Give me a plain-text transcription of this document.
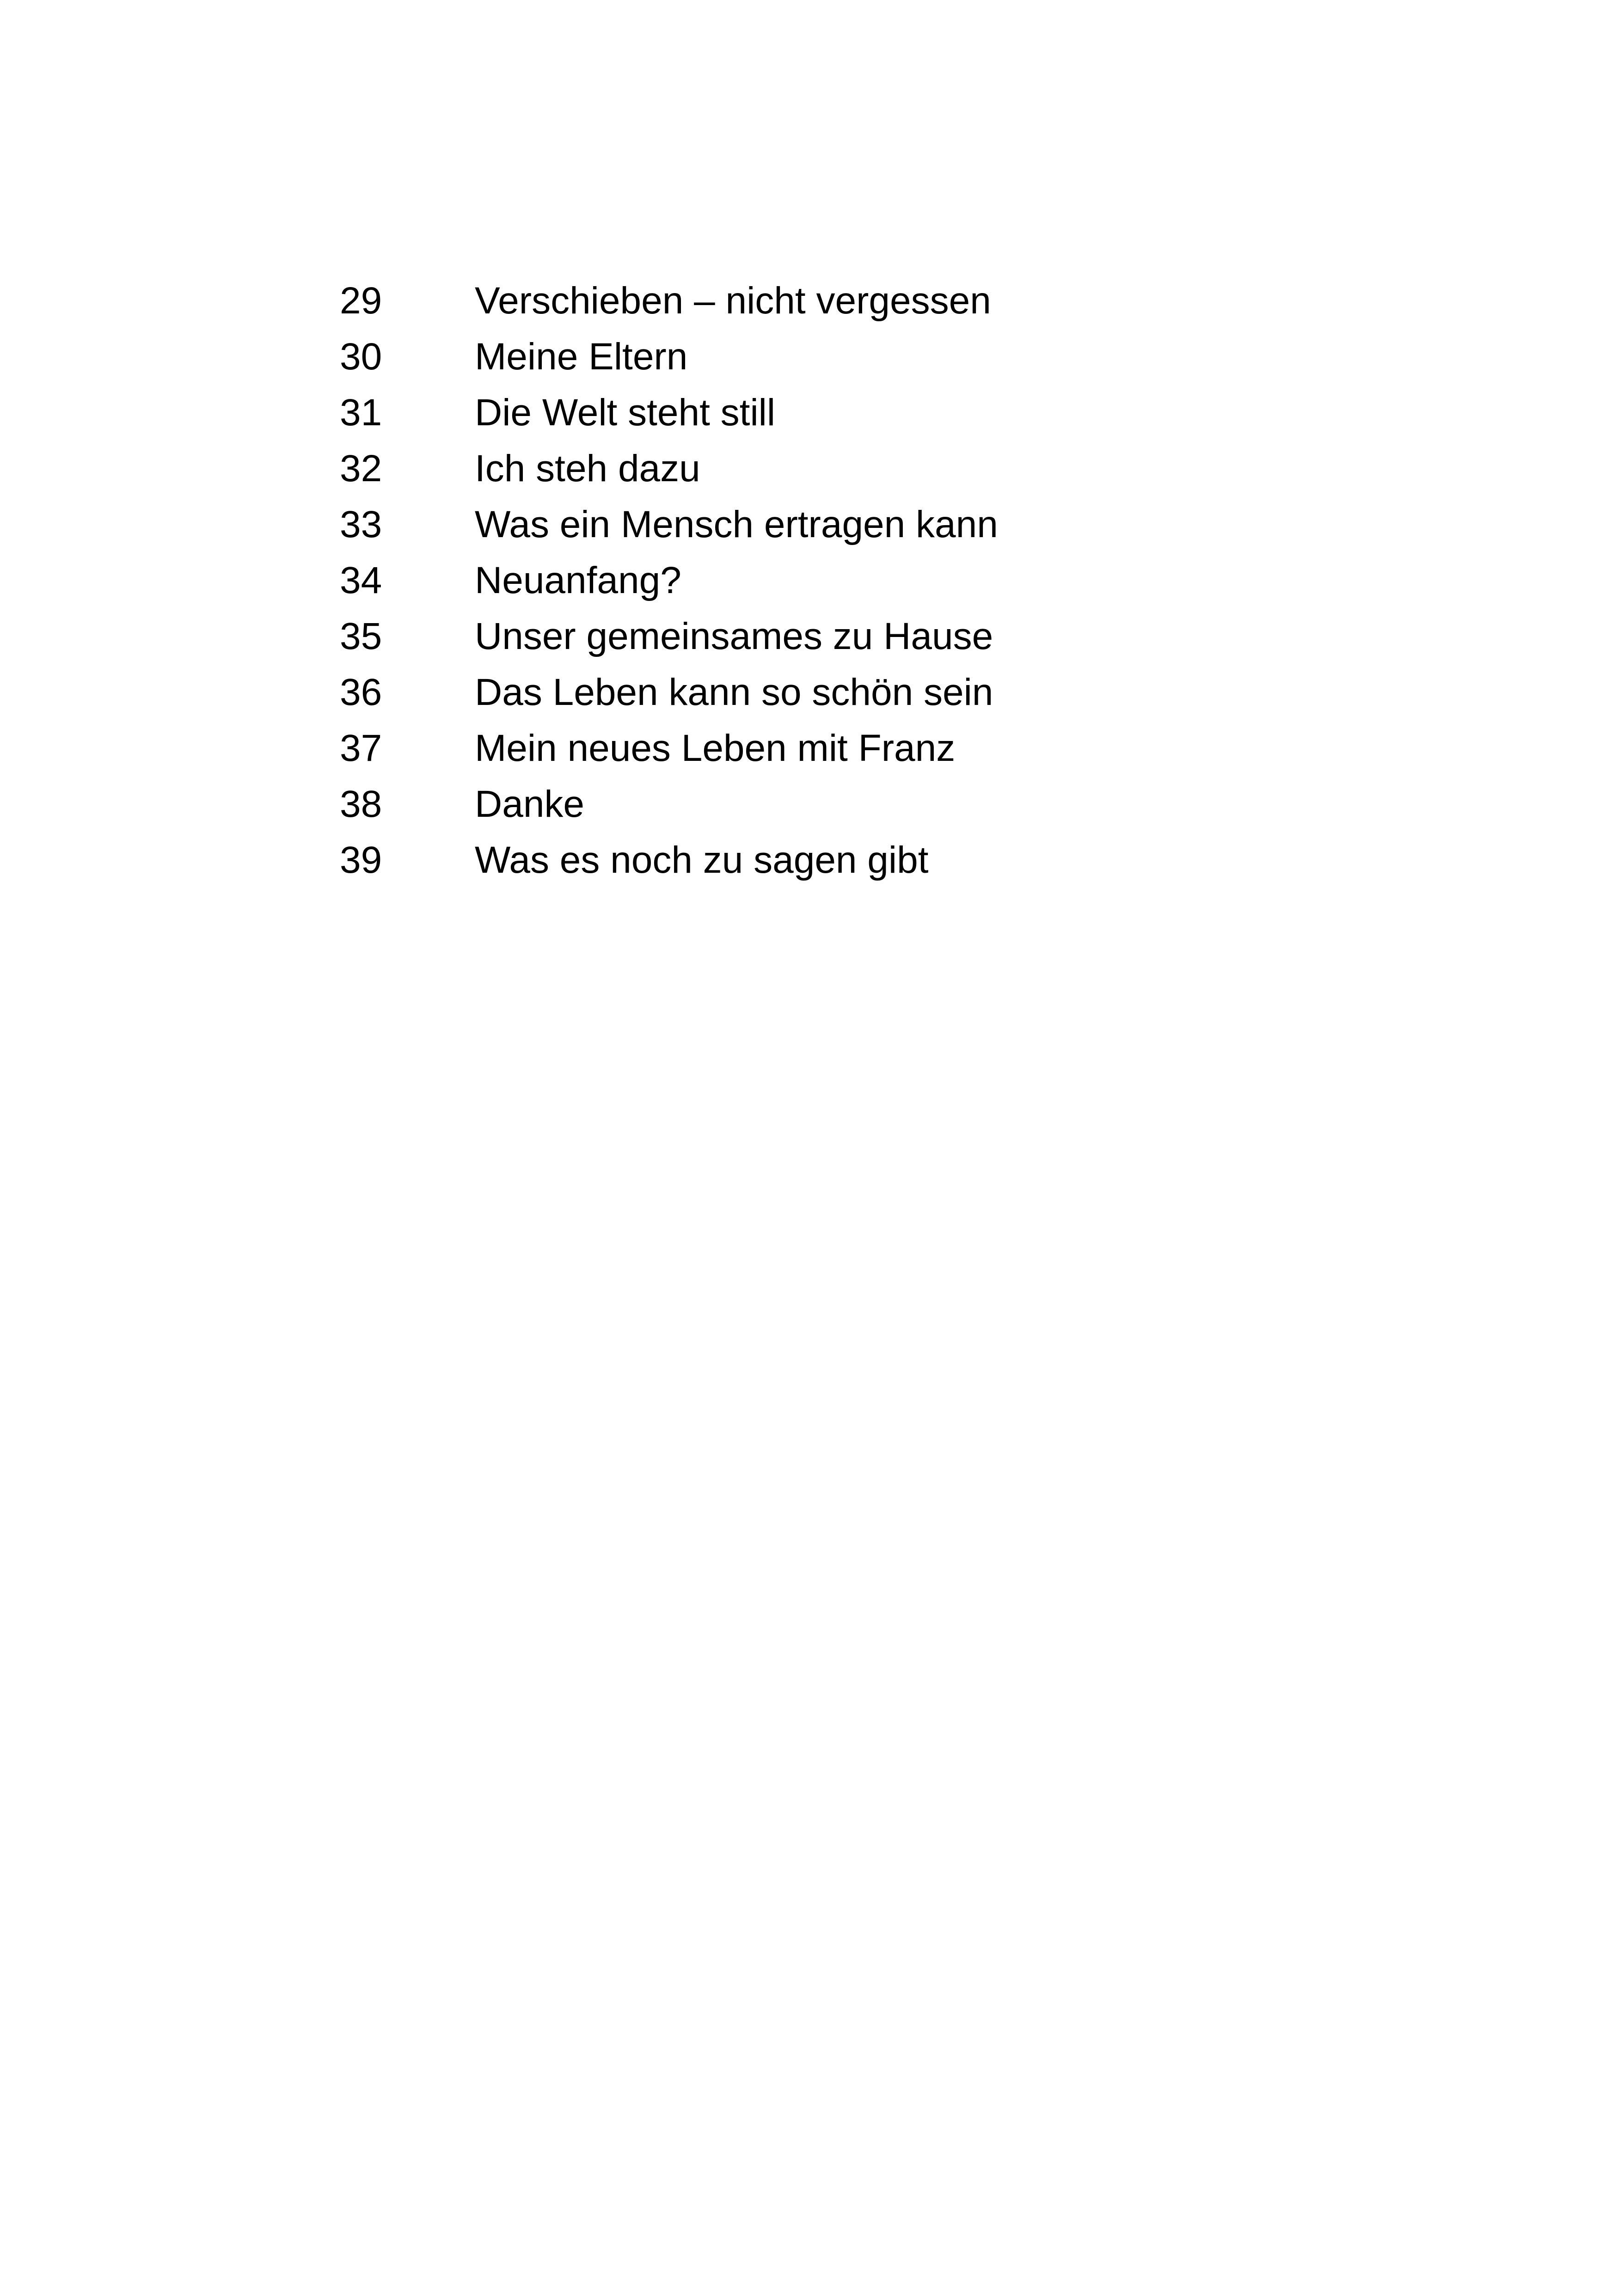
29	Verschieben – nicht vergessen
30	Meine Eltern
31	Die Welt steht still
32	Ich steh dazu
33	Was ein Mensch ertragen kann
34	Neuanfang?
35	Unser gemeinsames zu Hause
36	Das Leben kann so schön sein
37	Mein neues Leben mit Franz
38	Danke
39	Was es noch zu sagen gibt
